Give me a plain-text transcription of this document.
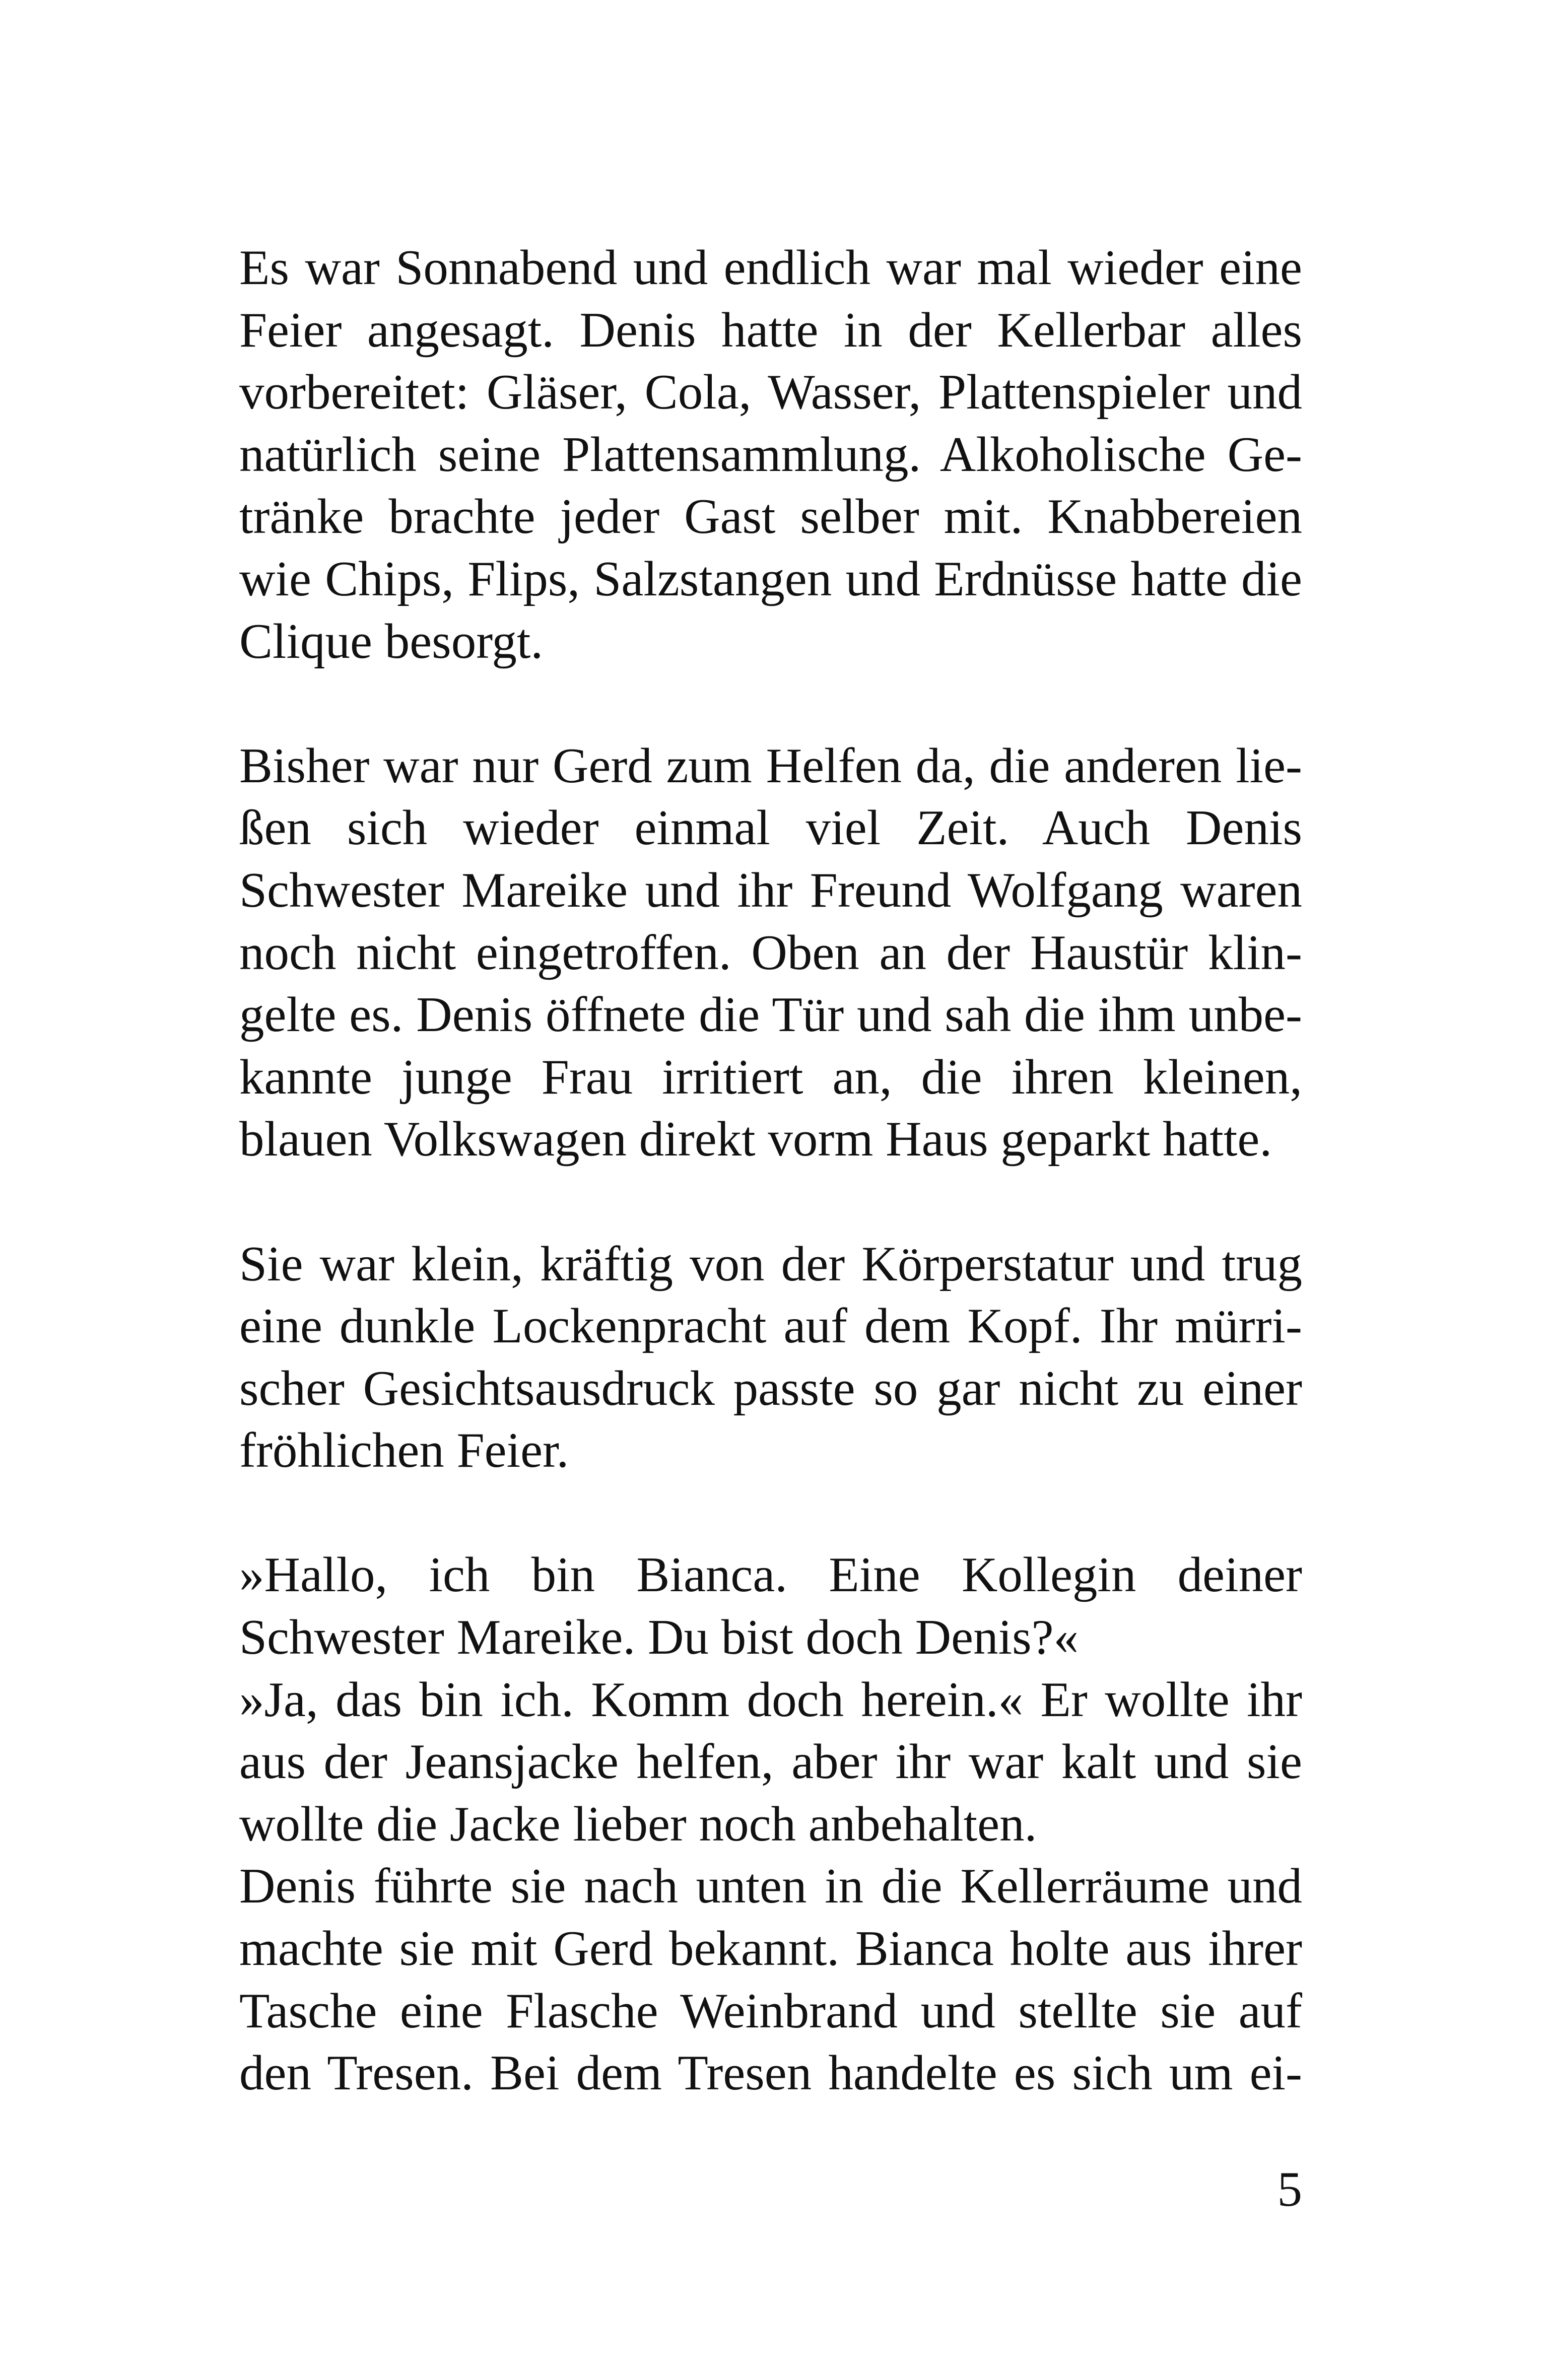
Es war Sonnabend und endlich war mal wieder eine
Feier angesagt. Denis hatte in der Kellerbar alles
vorbereitet: Gläser, Cola, Wasser, Plattenspieler und
natürlich seine Plattensammlung. Alkoholische Ge-
tränke brachte jeder Gast selber mit. Knabbereien
wie Chips, Flips, Salzstangen und Erdnüsse hatte die
Clique besorgt.
Bisher war nur Gerd zum Helfen da, die anderen lie-
ßen sich wieder einmal viel Zeit. Auch Denis
Schwester Mareike und ihr Freund Wolfgang waren
noch nicht eingetroffen. Oben an der Haustür klin-
gelte es. Denis öffnete die Tür und sah die ihm unbe-
kannte junge Frau irritiert an, die ihren kleinen,
blauen Volkswagen direkt vorm Haus geparkt hatte.
Sie war klein, kräftig von der Körperstatur und trug
eine dunkle Lockenpracht auf dem Kopf. Ihr mürri-
scher Gesichtsausdruck passte so gar nicht zu einer
fröhlichen Feier.
»Hallo, ich bin Bianca. Eine Kollegin deiner
Schwester Mareike. Du bist doch Denis?«
»Ja, das bin ich. Komm doch herein.« Er wollte ihr
aus der Jeansjacke helfen, aber ihr war kalt und sie
wollte die Jacke lieber noch anbehalten.
Denis führte sie nach unten in die Kellerräume und
machte sie mit Gerd bekannt. Bianca holte aus ihrer
Tasche eine Flasche Weinbrand und stellte sie auf
den Tresen. Bei dem Tresen handelte es sich um ei-
5
